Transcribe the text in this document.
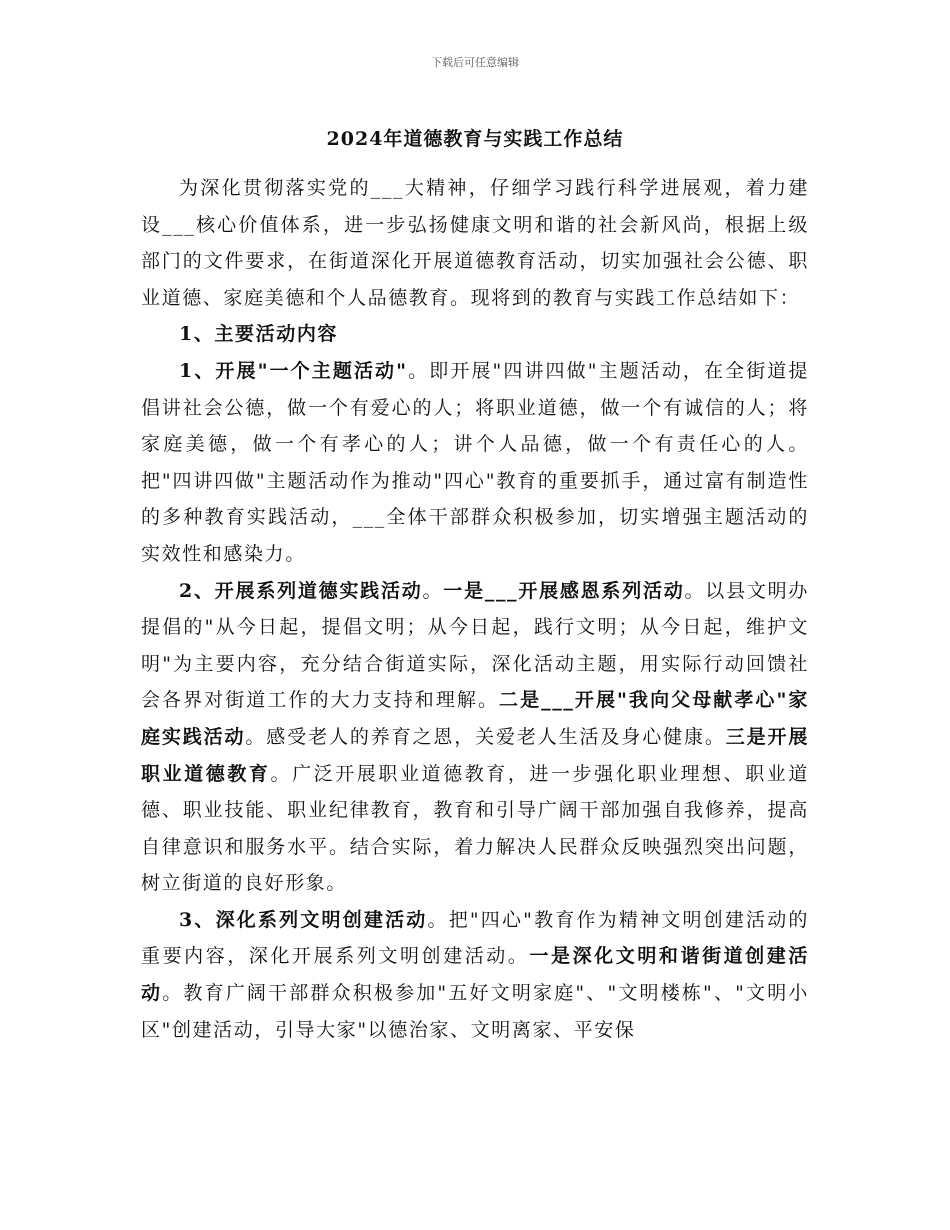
下载后可任意编辑
2024年道德教育与实践工作总结

为深化贯彻落实党的___大精神，仔细学习践行科学进展观，着力建设___核心价值体系，进一步弘扬健康文明和谐的社会新风尚，根据上级部门的文件要求，在街道深化开展道德教育活动，切实加强社会公德、职业道德、家庭美德和个人品德教育。现将到的教育与实践工作总结如下：

1、主要活动内容

1、开展"一个主题活动"。即开展"四讲四做"主题活动，在全街道提倡讲社会公德，做一个有爱心的人；将职业道德，做一个有诚信的人；将家庭美德，做一个有孝心的人；讲个人品德，做一个有责任心的人。把"四讲四做"主题活动作为推动"四心"教育的重要抓手，通过富有制造性的多种教育实践活动，___全体干部群众积极参加，切实增强主题活动的实效性和感染力。

2、开展系列道德实践活动。一是___开展感恩系列活动。以县文明办提倡的"从今日起，提倡文明；从今日起，践行文明；从今日起，维护文明"为主要内容，充分结合街道实际，深化活动主题，用实际行动回馈社会各界对街道工作的大力支持和理解。二是___开展"我向父母献孝心"家庭实践活动。感受老人的养育之恩，关爱老人生活及身心健康。三是开展职业道德教育。广泛开展职业道德教育，进一步强化职业理想、职业道德、职业技能、职业纪律教育，教育和引导广阔干部加强自我修养，提高自律意识和服务水平。结合实际，着力解决人民群众反映强烈突出问题，树立街道的良好形象。

3、深化系列文明创建活动。把"四心"教育作为精神文明创建活动的重要内容，深化开展系列文明创建活动。一是深化文明和谐街道创建活动。教育广阔干部群众积极参加"五好文明家庭"、"文明楼栋"、"文明小区"创建活动，引导大家"以德治家、文明离家、平安保
